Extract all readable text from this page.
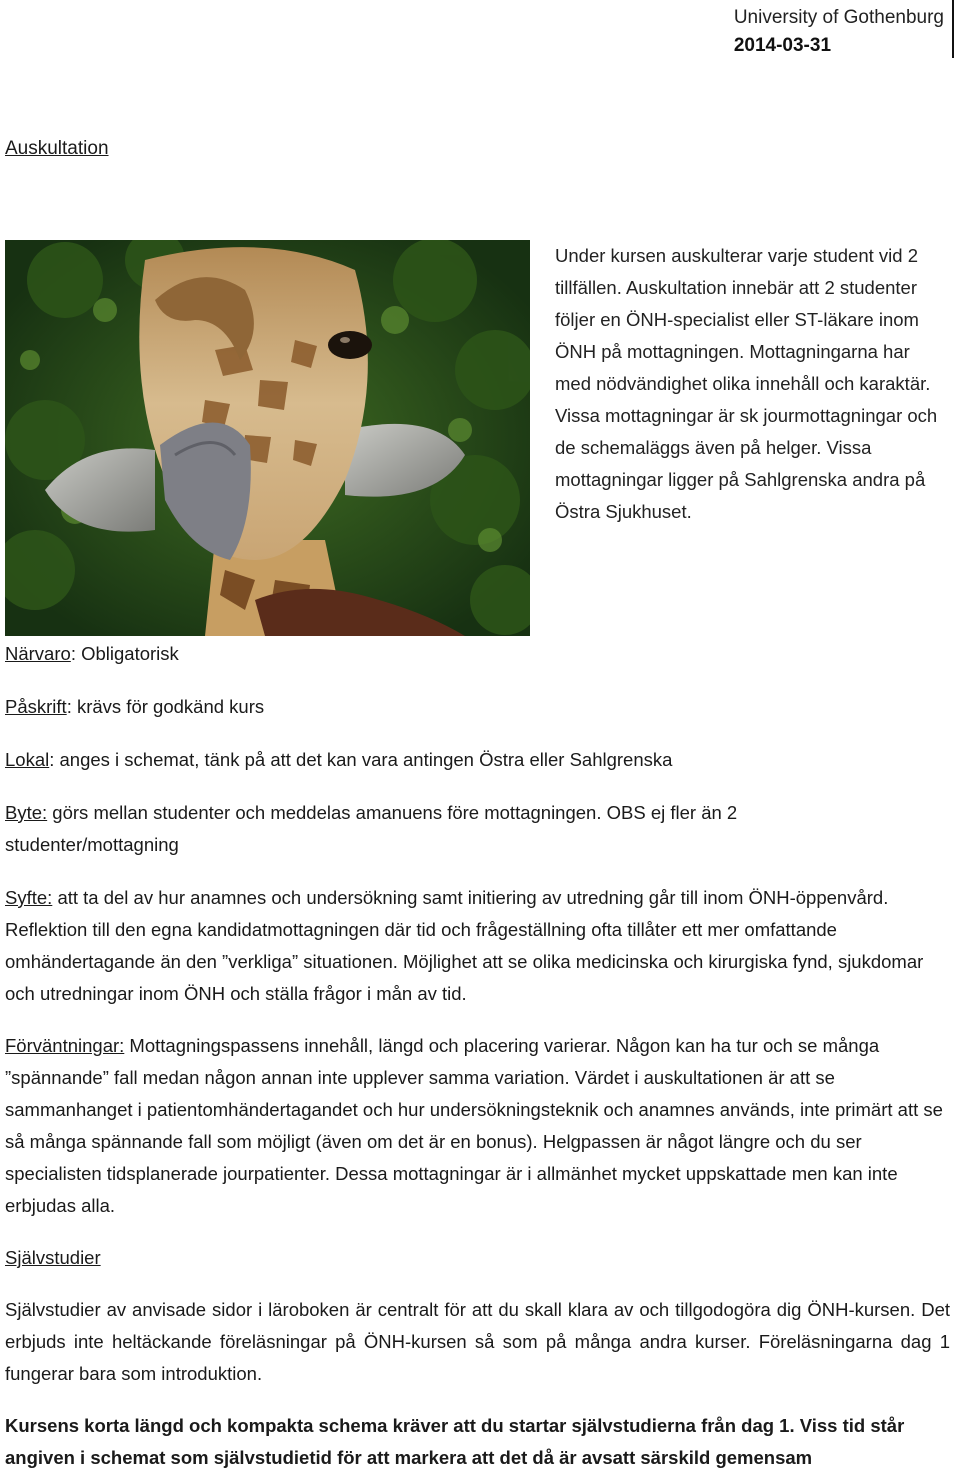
University of Gothenburg
2014-03-31
Auskultation
Under kursen auskulterar varje student vid 2 tillfällen. Auskultation innebär att 2 studenter följer en ÖNH-specialist eller ST-läkare inom ÖNH på mottagningen. Mottagningarna har med nödvändighet olika innehåll och karaktär. Vissa mottagningar är sk jourmottagningar och de schemaläggs även på helger. Vissa mottagningar ligger på Sahlgrenska andra på Östra Sjukhuset.
Närvaro: Obligatorisk
Påskrift: krävs för godkänd kurs
Lokal: anges i schemat, tänk på att det kan vara antingen Östra eller Sahlgrenska
Byte: görs mellan studenter och meddelas amanuens före mottagningen. OBS ej fler än 2 studenter/mottagning
Syfte: att ta del av hur anamnes och undersökning samt initiering av utredning går till inom ÖNH-öppenvård. Reflektion till den egna kandidatmottagningen där tid och frågeställning ofta tillåter ett mer omfattande omhändertagande än den ”verkliga” situationen. Möjlighet att se olika medicinska och kirurgiska fynd, sjukdomar och utredningar inom ÖNH och ställa frågor i mån av tid.
Förväntningar: Mottagningspassens innehåll, längd och placering varierar. Någon kan ha tur och se många ”spännande” fall medan någon annan inte upplever samma variation. Värdet i auskultationen är att se sammanhanget i patientomhändertagandet och hur undersökningsteknik och anamnes används, inte primärt att se så många spännande fall som möjligt (även om det är en bonus). Helgpassen är något längre och du ser specialisten tidsplanerade jourpatienter. Dessa mottagningar är i allmänhet mycket uppskattade men kan inte erbjudas alla.
Självstudier
Självstudier av anvisade sidor i läroboken är centralt för att du skall klara av och tillgodogöra dig ÖNH-kursen. Det erbjuds inte heltäckande föreläsningar på ÖNH-kursen så som på många andra kurser. Föreläsningarna dag 1 fungerar bara som introduktion.
Kursens korta längd och kompakta schema kräver att du startar självstudierna från dag 1. Viss tid står angiven i schemat som självstudietid för att markera att det då är avsatt särskild gemensam
